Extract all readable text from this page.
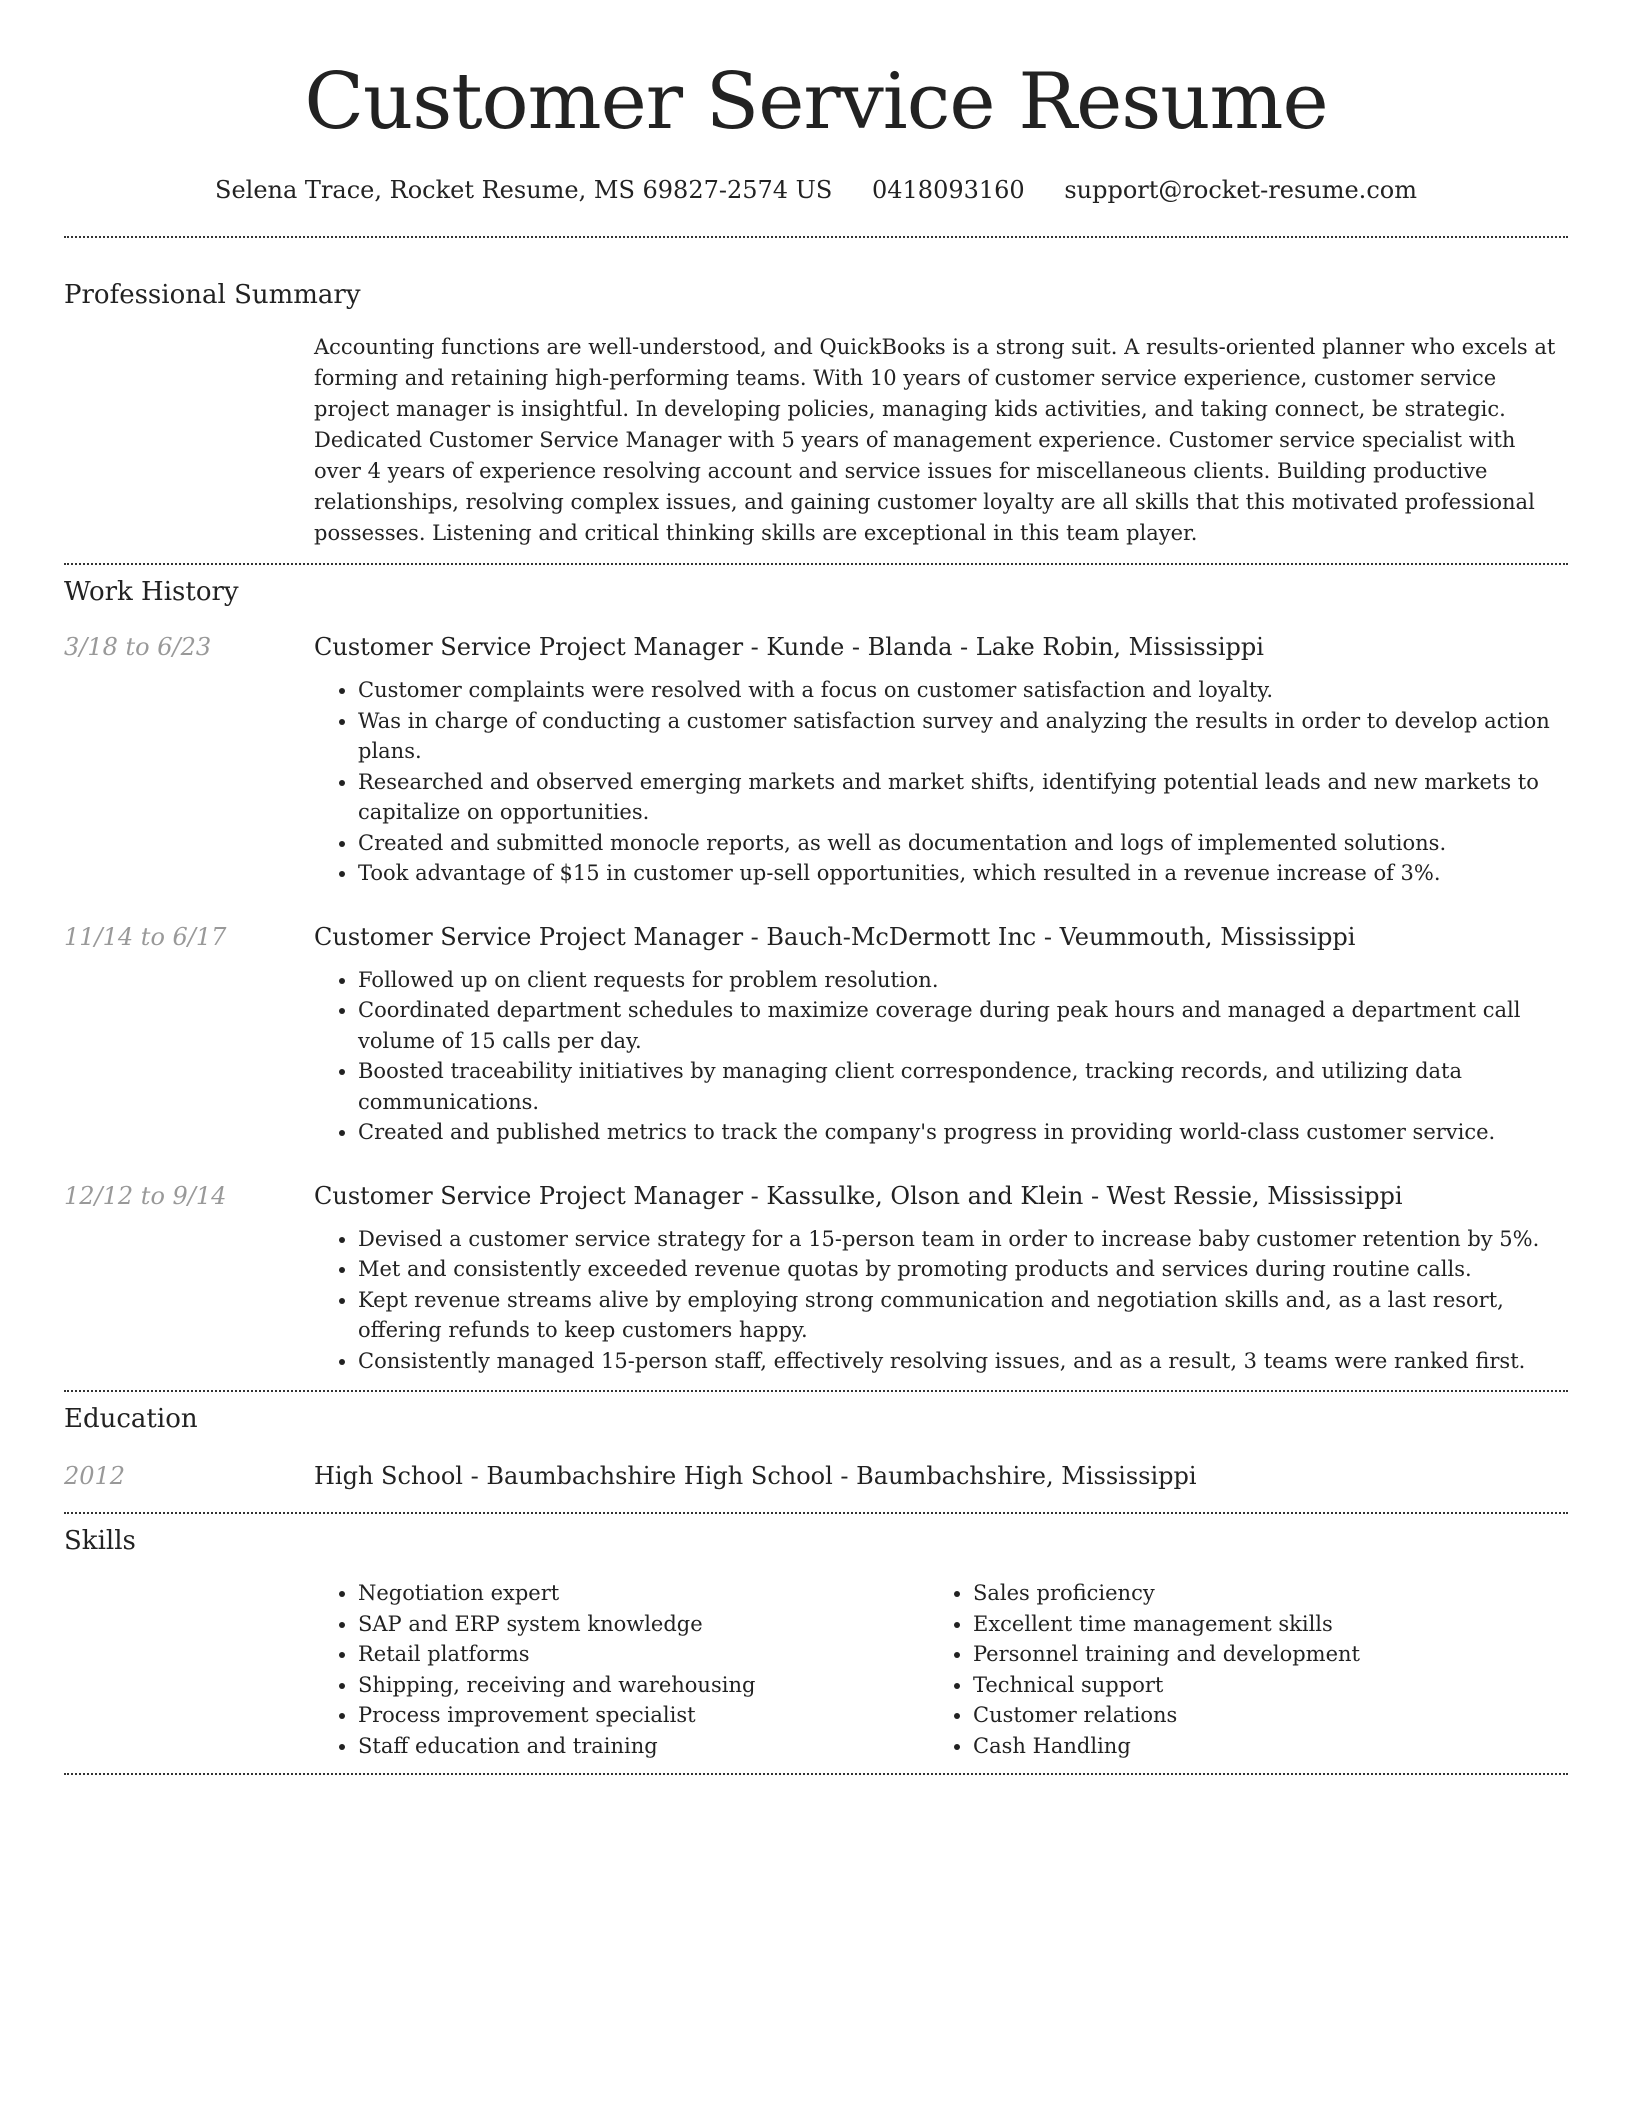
Customer Service Resume
Selena Trace, Rocket Resume, MS 69827-2574 US 0418093160 support@rocket-resume.com
Professional Summary

Accounting functions are well-understood, and QuickBooks is a strong suit. A results-oriented planner who excels at forming and retaining high-performing teams. With 10 years of customer service experience, customer service project manager is insightful. In developing policies, managing kids activities, and taking connect, be strategic. Dedicated Customer Service Manager with 5 years of management experience. Customer service specialist with over 4 years of experience resolving account and service issues for miscellaneous clients. Building productive relationships, resolving complex issues, and gaining customer loyalty are all skills that this motivated professional possesses. Listening and critical thinking skills are exceptional in this team player.

Work History
3/18 to 6/23	Customer Service Project Manager - Kunde - Blanda - Lake Robin, Mississippi

• Customer complaints were resolved with a focus on customer satisfaction and loyalty.
• Was in charge of conducting a customer satisfaction survey and analyzing the results in order to develop action plans.
• Researched and observed emerging markets and market shifts, identifying potential leads and new markets to capitalize on opportunities.
• Created and submitted monocle reports, as well as documentation and logs of implemented solutions.
• Took advantage of $15 in customer up-sell opportunities, which resulted in a revenue increase of 3%.
11/14 to 6/17	Customer Service Project Manager - Bauch-McDermott Inc - Veummouth, Mississippi

• Followed up on client requests for problem resolution.
• Coordinated department schedules to maximize coverage during peak hours and managed a department call volume of 15 calls per day.
• Boosted traceability initiatives by managing client correspondence, tracking records, and utilizing data communications.
• Created and published metrics to track the company's progress in providing world-class customer service.
12/12 to 9/14	Customer Service Project Manager - Kassulke, Olson and Klein - West Ressie, Mississippi

• Devised a customer service strategy for a 15-person team in order to increase baby customer retention by 5%.
• Met and consistently exceeded revenue quotas by promoting products and services during routine calls.
• Kept revenue streams alive by employing strong communication and negotiation skills and, as a last resort, offering refunds to keep customers happy.
• Consistently managed 15-person staff, effectively resolving issues, and as a result, 3 teams were ranked first.
Education
2012	High School - Baumbachshire High School - Baumbachshire, Mississippi

Skills
• Negotiation expert
• SAP and ERP system knowledge
• Retail platforms
• Shipping, receiving and warehousing
• Process improvement specialist
• Staff education and training
• Sales proficiency
• Excellent time management skills
• Personnel training and development
• Technical support
• Customer relations
• Cash Handling
